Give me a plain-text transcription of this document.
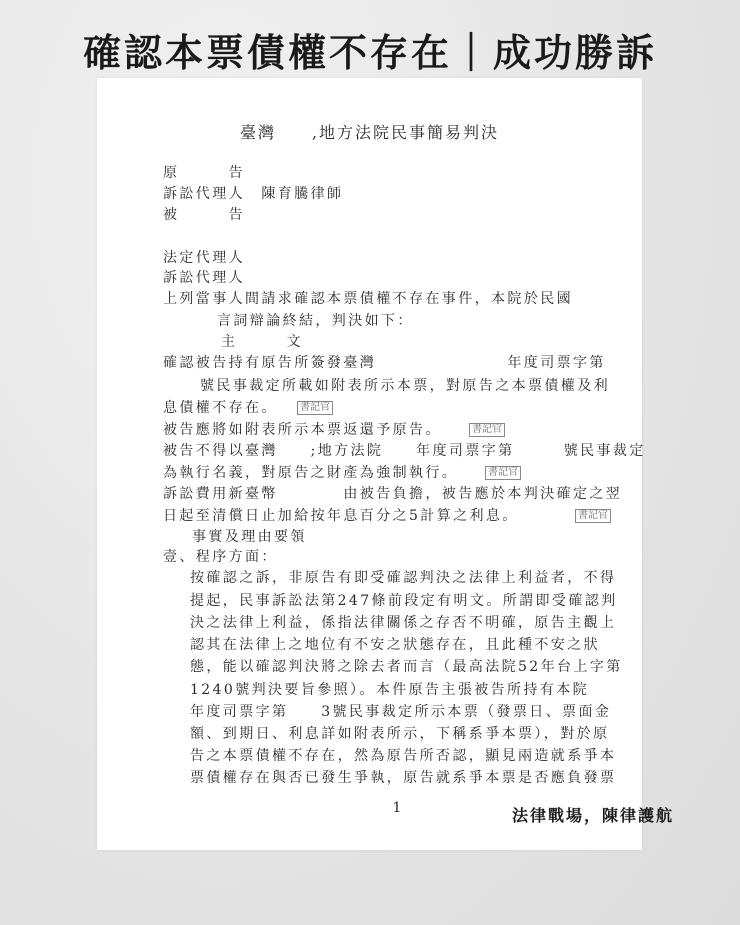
確認本票債權不存在｜成功勝訴
臺灣　　,地方法院民事簡易判決
原　　　告
訴訟代理人　陳育騰律師
被　　　告
法定代理人
訴訟代理人
上列當事人間請求確認本票債權不存在事件，本院於民國
言詞辯論終結，判決如下：
主　　　文
確認被告持有原告所簽發臺灣　　　　　　　　年度司票字第
號民事裁定所載如附表所示本票，對原告之本票債權及利
息債權不存在。
被告應將如附表所示本票返還予原告。
被告不得以臺灣　　;地方法院　　年度司票字第　　　號民事裁定
為執行名義，對原告之財產為強制執行。
訴訟費用新臺幣　　　　由被告負擔，被告應於本判決確定之翌
日起至清償日止加給按年息百分之5計算之利息。
事實及理由要領
壹、程序方面：
按確認之訴，非原告有即受確認判決之法律上利益者，不得
提起，民事訴訟法第247條前段定有明文。所謂即受確認判
決之法律上利益，係指法律關係之存否不明確，原告主觀上
認其在法律上之地位有不安之狀態存在，且此種不安之狀
態，能以確認判決將之除去者而言（最高法院52年台上字第
1240號判決要旨參照）。本件原告主張被告所持有本院
年度司票字第　　3號民事裁定所示本票（發票日、票面金
額、到期日、利息詳如附表所示，下稱系爭本票），對於原
告之本票債權不存在，然為原告所否認，顯見兩造就系爭本
票債權存在與否已發生爭執，原告就系爭本票是否應負發票
書記官
書記官
書記官
書記官
1	法律戰場，陳律護航
